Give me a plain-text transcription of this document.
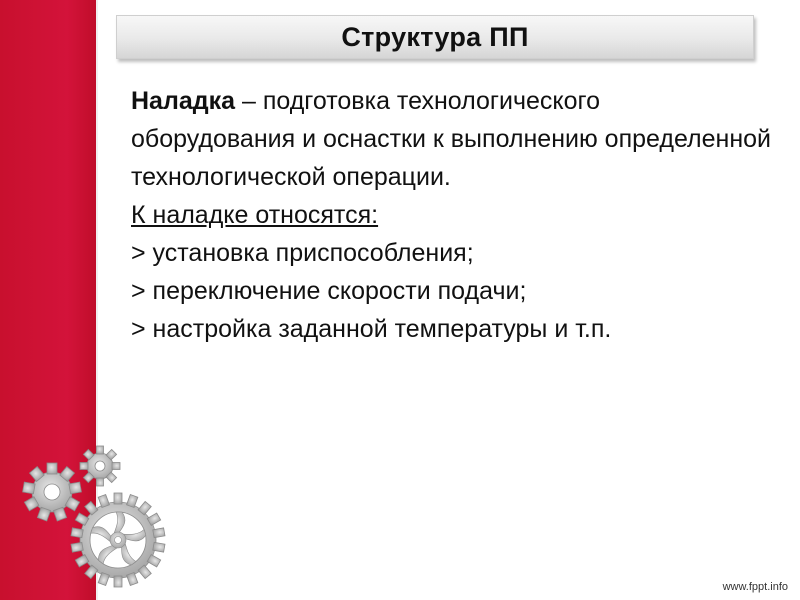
Структура ПП

Наладка – подготовка технологического оборудования и оснастки к выполнению определенной технологической операции.

К наладке относятся:

> установка приспособления;

> переключение скорости подачи;

> настройка заданной температуры и т.п.

www.fppt.info
